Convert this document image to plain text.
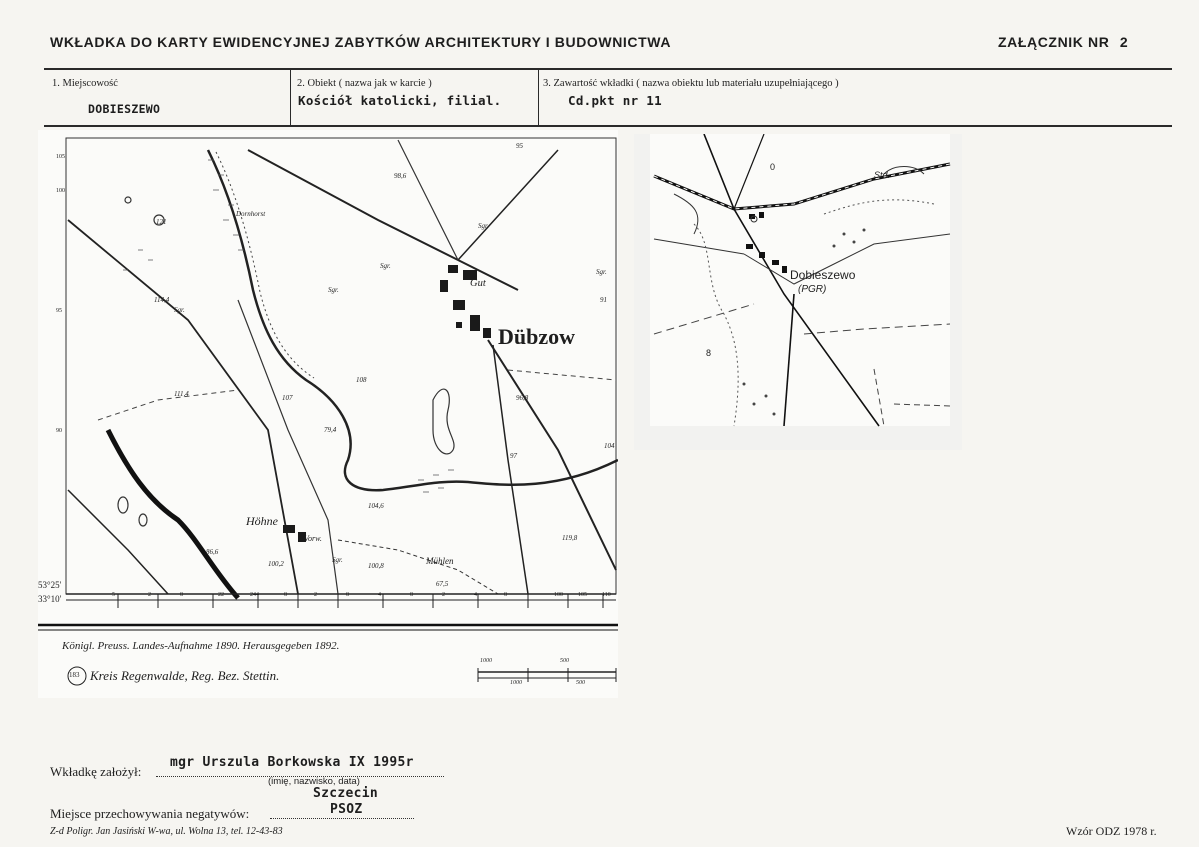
WKŁADKA DO KARTY EWIDENCYJNEJ ZABYTKÓW ARCHITEKTURY I BUDOWNICTWA	ZAŁĄCZNIK NR 2
1. Miejscowość
DOBIESZEWO
2. Obiekt ( nazwa jak w karcie )
Kościół katolicki, filial.
3. Zawartość wkładki ( nazwa obiektu lub materiału uzupełniającego )
Cd.pkt nr 11
Dübzow
Gut
Höhne
Vorw.
Mühlen
Dornhorst
121	Sgr.
Sgr.
Sgr.
Sgr.
Sgr.
Sgr.
95
91
98,6
114,4
111,4
108
107
104,6
119,8
100,2	100,8
86,6
104
67,5
96,8
97
79,4
53°25'
33°10'
105
100
95
90
5	2	8	22	244	8	2	8	4	8	2	4	8	100	105	110
Königl. Preuss. Landes-Aufnahme 1890. Herausgegeben 1892.
183 Kreis Regenwalde, Reg. Bez. Stettin.
1000	500
1000	500
Dobieszewo
(PGR)
Std.
0
8
Wkładkę założył:
mgr Urszula Borkowska IX 1995r
(imię, nazwisko, data)
Miejsce przechowywania negatywów:
Szczecin
PSOZ
Z-d Poligr. Jan Jasiński W-wa, ul. Wolna 13, tel. 12-43-83	Wzór ODZ 1978 r.
